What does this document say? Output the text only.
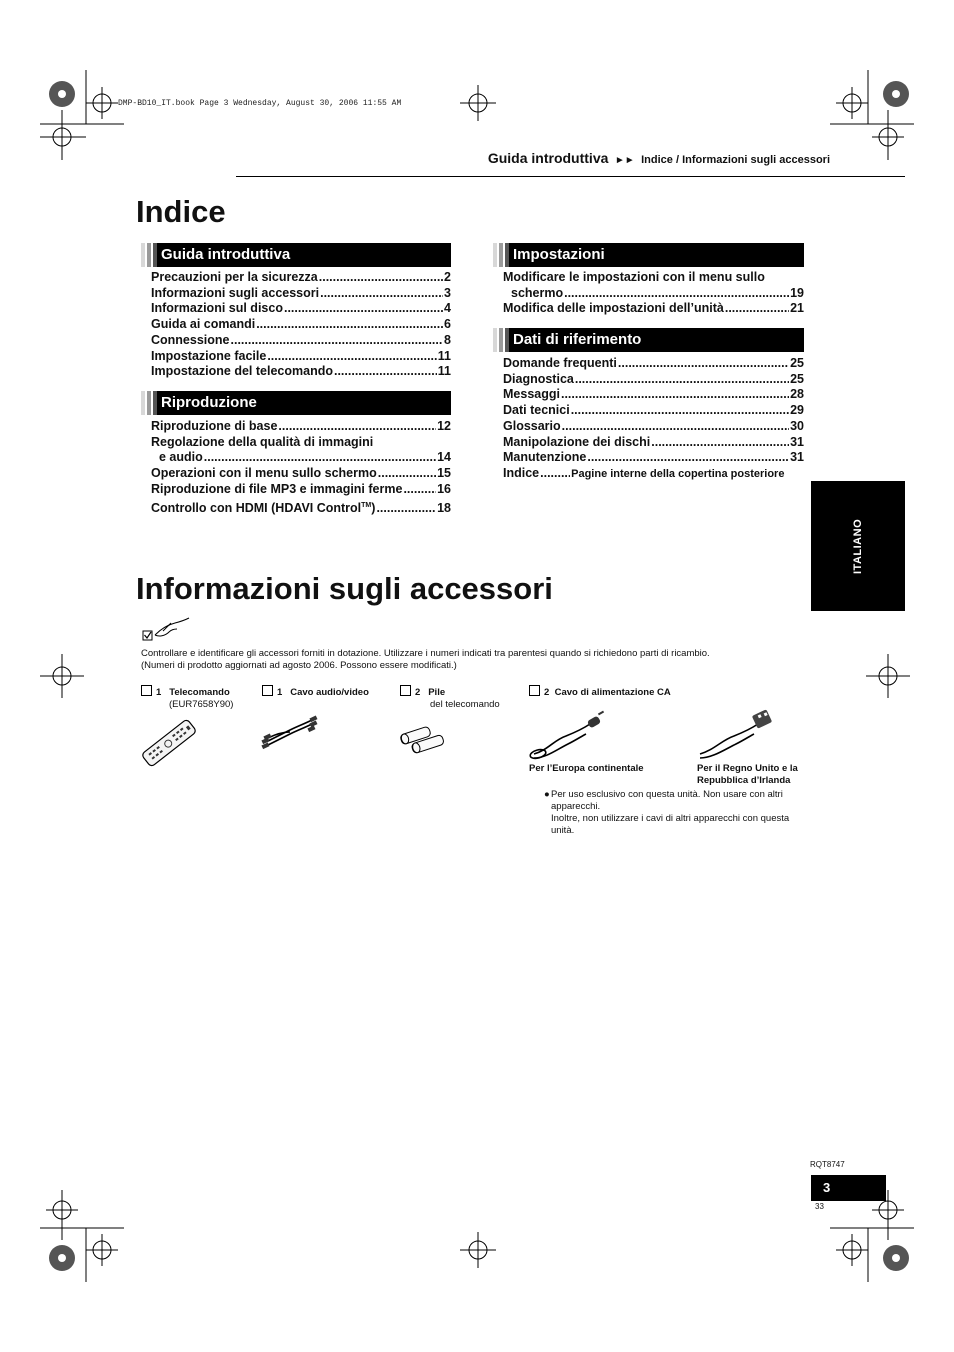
DMP-BD10_IT.book Page 3 Wednesday, August 30, 2006 11:55 AM
Guida introduttiva ►► Indice / Informazioni sugli accessori
Indice
Guida introduttiva
Precauzioni per la sicurezza .....	2
Informazioni sugli accessori .....	3
Informazioni sul disco .....	4
Guida ai comandi .....	6
Connessione .....	8
Impostazione facile .....	11
Impostazione del telecomando .....	11
Riproduzione
Riproduzione di base .....	12
Regolazione della qualità di immagini
e audio .....	14
Operazioni con il menu sullo schermo .....	15
Riproduzione di file MP3 e immagini ferme .....	16
Controllo con HDMI (HDAVI Control™) .....	18
Impostazioni
Modificare le impostazioni con il menu sullo
schermo .....	19
Modifica delle impostazioni dell’unità .....	21
Dati di riferimento
Domande frequenti .....	25
Diagnostica .....	25
Messaggi .....	28
Dati tecnici .....	29
Glossario .....	30
Manipolazione dei dischi .....	31
Manutenzione .....	31
Indice .....	Pagine interne della copertina posteriore
ITALIANO
Informazioni sugli accessori
Controllare e identificare gli accessori forniti in dotazione. Utilizzare i numeri indicati tra parentesi quando si richiedono parti di ricambio.
(Numeri di prodotto aggiornati ad agosto 2006. Possono essere modificati.)
1 Telecomando
(EUR7658Y90)
1 Cavo audio/video	2 Pile
del telecomando
2 Cavo di alimentazione CA
Per l’Europa continentale	Per il Regno Unito e la
Repubblica d’Irlanda
● Per uso esclusivo con questa unità. Non usare con altri apparecchi.
Inoltre, non utilizzare i cavi di altri apparecchi con questa unità.
RQT8747
3
33
